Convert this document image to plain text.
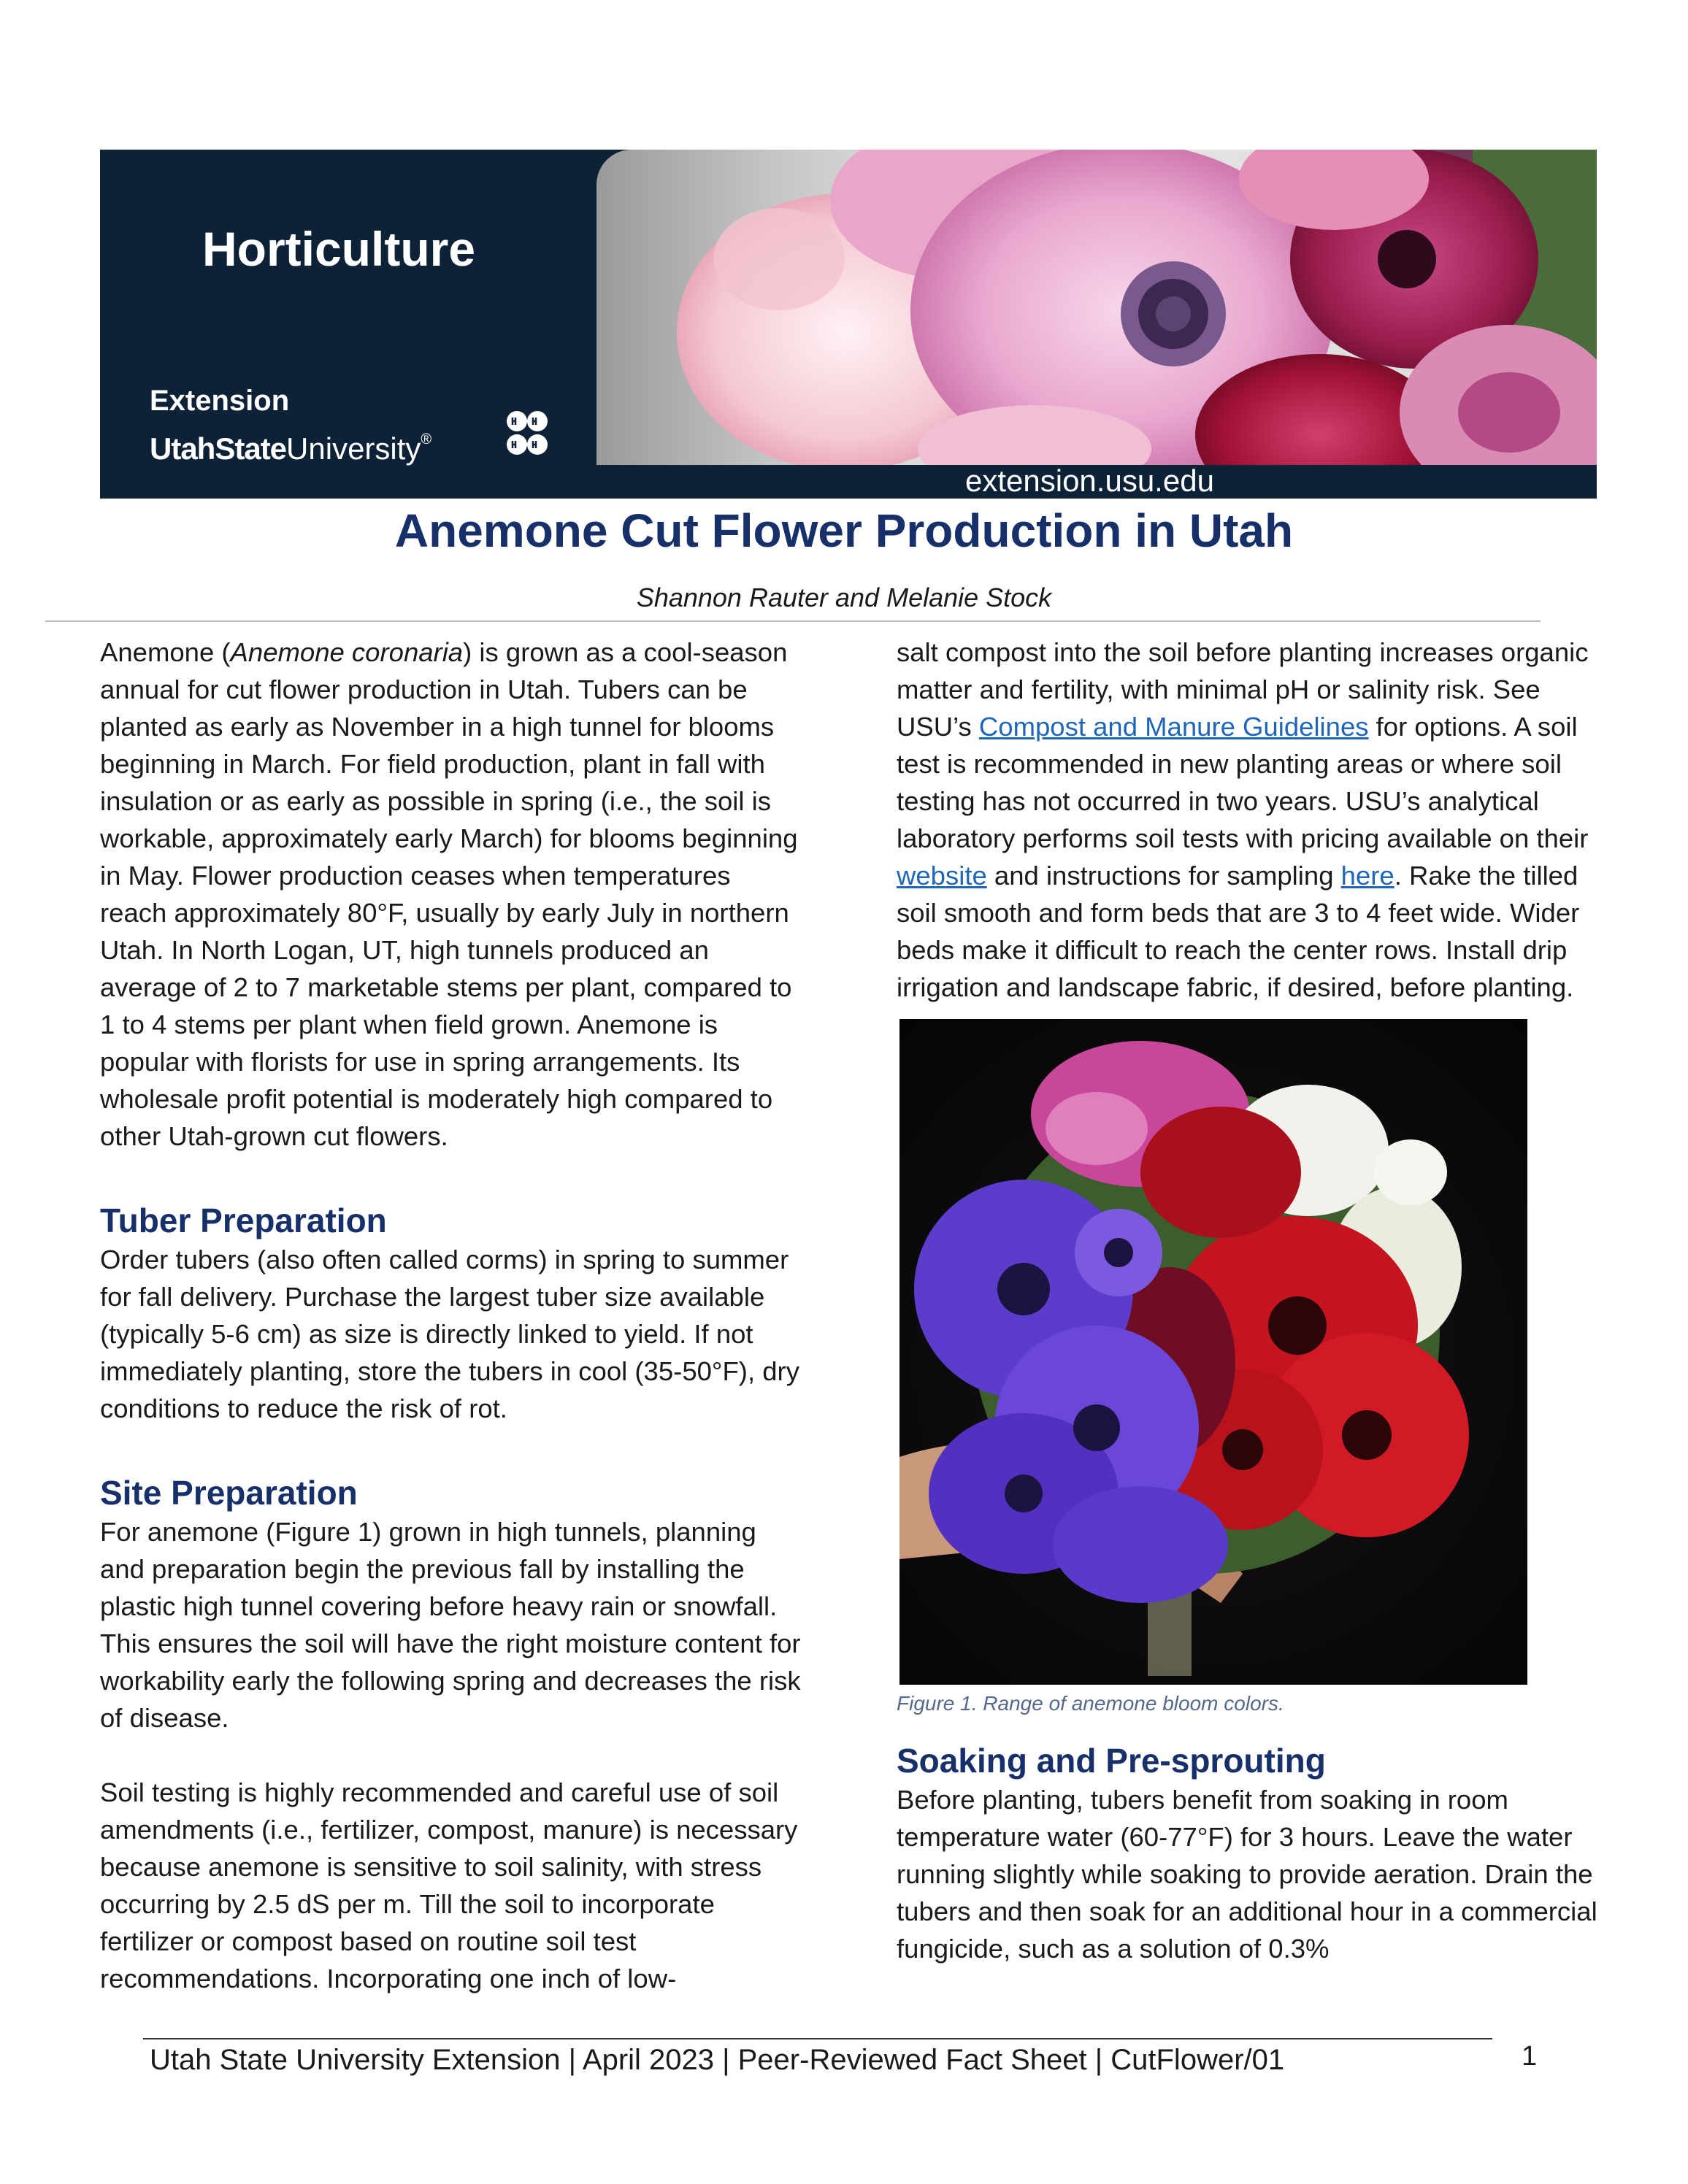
Horticulture
Extension
UtahStateUniversity®
extension.usu.edu
Anemone Cut Flower Production in Utah
Shannon Rauter and Melanie Stock

Anemone (Anemone coronaria) is grown as a cool-season annual for cut flower production in Utah. Tubers can be planted as early as November in a high tunnel for blooms beginning in March. For field production, plant in fall with insulation or as early as possible in spring (i.e., the soil is workable, approximately early March) for blooms beginning in May. Flower production ceases when temperatures reach approximately 80°F, usually by early July in northern Utah. In North Logan, UT, high tunnels produced an average of 2 to 7 marketable stems per plant, compared to 1 to 4 stems per plant when field grown. Anemone is popular with florists for use in spring arrangements. Its wholesale profit potential is moderately high compared to other Utah-grown cut flowers.

Tuber Preparation

Order tubers (also often called corms) in spring to summer for fall delivery. Purchase the largest tuber size available (typically 5-6 cm) as size is directly linked to yield. If not immediately planting, store the tubers in cool (35-50°F), dry conditions to reduce the risk of rot.

Site Preparation

For anemone (Figure 1) grown in high tunnels, planning and preparation begin the previous fall by installing the plastic high tunnel covering before heavy rain or snowfall. This ensures the soil will have the right moisture content for workability early the following spring and decreases the risk of disease.

Soil testing is highly recommended and careful use of soil amendments (i.e., fertilizer, compost, manure) is necessary because anemone is sensitive to soil salinity, with stress occurring by 2.5 dS per m. Till the soil to incorporate fertilizer or compost based on routine soil test recommendations. Incorporating one inch of low-

salt compost into the soil before planting increases organic matter and fertility, with minimal pH or salinity risk. See USU’s Compost and Manure Guidelines for options. A soil test is recommended in new planting areas or where soil testing has not occurred in two years. USU’s analytical laboratory performs soil tests with pricing available on their website and instructions for sampling here. Rake the tilled soil smooth and form beds that are 3 to 4 feet wide. Wider beds make it difficult to reach the center rows. Install drip irrigation and landscape fabric, if desired, before planting.

Figure 1. Range of anemone bloom colors.
Soaking and Pre-sprouting

Before planting, tubers benefit from soaking in room temperature water (60-77°F) for 3 hours. Leave the water running slightly while soaking to provide aeration. Drain the tubers and then soak for an additional hour in a commercial fungicide, such as a solution of 0.3%

Utah State University Extension | April 2023 | Peer-Reviewed Fact Sheet | CutFlower/01	1
